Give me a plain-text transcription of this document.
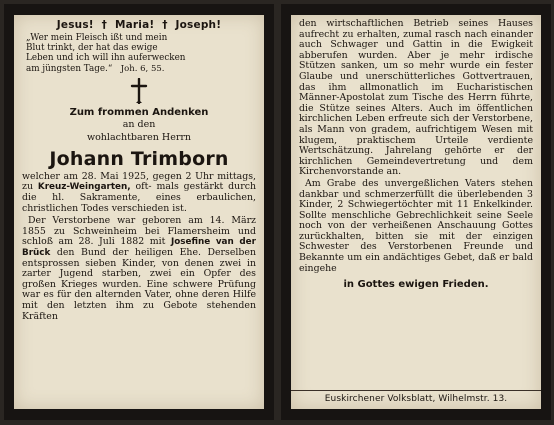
Jesus! † Maria! † Joseph!
„Wer mein Fleisch ißt und mein
Blut trinkt, der hat das ewige
Leben und ich will ihn auferwecken
am jüngsten Tage.“ Joh. 6, 55.
Zum frommen Andenken
an den
wohlachtbaren Herrn
Johann Trimborn

welcher am 28. Mai 1925, gegen 2 Uhr mittags, zu Kreuz-Weingarten, oft- mals gestärkt durch die hl. Sakramente, eines erbaulichen, christlichen Todes verschieden ist.

Der Verstorbene war geboren am 14. März 1855 zu Schweinheim bei Flamersheim und schloß am 28. Juli 1882 mit Josefine van der Brück den Bund der heiligen Ehe. Derselben entsprossen sieben Kinder, von denen zwei in zarter Jugend starben, zwei ein Opfer des großen Krieges wurden. Eine schwere Prüfung war es für den alternden Vater, ohne deren Hilfe mit den letzten ihm zu Gebote stehenden Kräften

den wirtschaftlichen Betrieb seines Hauses aufrecht zu erhalten, zumal rasch nach einander auch Schwager und Gattin in die Ewigkeit abberufen wurden. Aber je mehr irdische Stützen sanken, um so mehr wurde ein fester Glaube und unerschütterliches Gottvertrauen, das ihm allmonatlich im Eucharistischen Männer-Apostolat zum Tische des Herrn führte, die Stütze seines Alters. Auch im öffentlichen kirchlichen Leben erfreute sich der Verstorbene, als Mann von gradem, aufrichtigem Wesen mit klugem, praktischem Urteile verdiente Wertschätzung. Jahrelang gehörte er der kirchlichen Gemeindevertretung und dem Kirchenvorstande an.

Am Grabe des unvergeßlichen Vaters stehen dankbar und schmerzerfüllt die überlebenden 3 Kinder, 2 Schwiegertöchter mit 11 Enkelkinder. Sollte menschliche Gebrechlichkeit seine Seele noch von der verheißenen Anschauung Gottes zurückhalten, bitten sie mit der einzigen Schwester des Verstorbenen Freunde und Bekannte um ein andächtiges Gebet, daß er bald eingehe

in Gottes ewigen Frieden.
Euskirchener Volksblatt, Wilhelmstr. 13.
